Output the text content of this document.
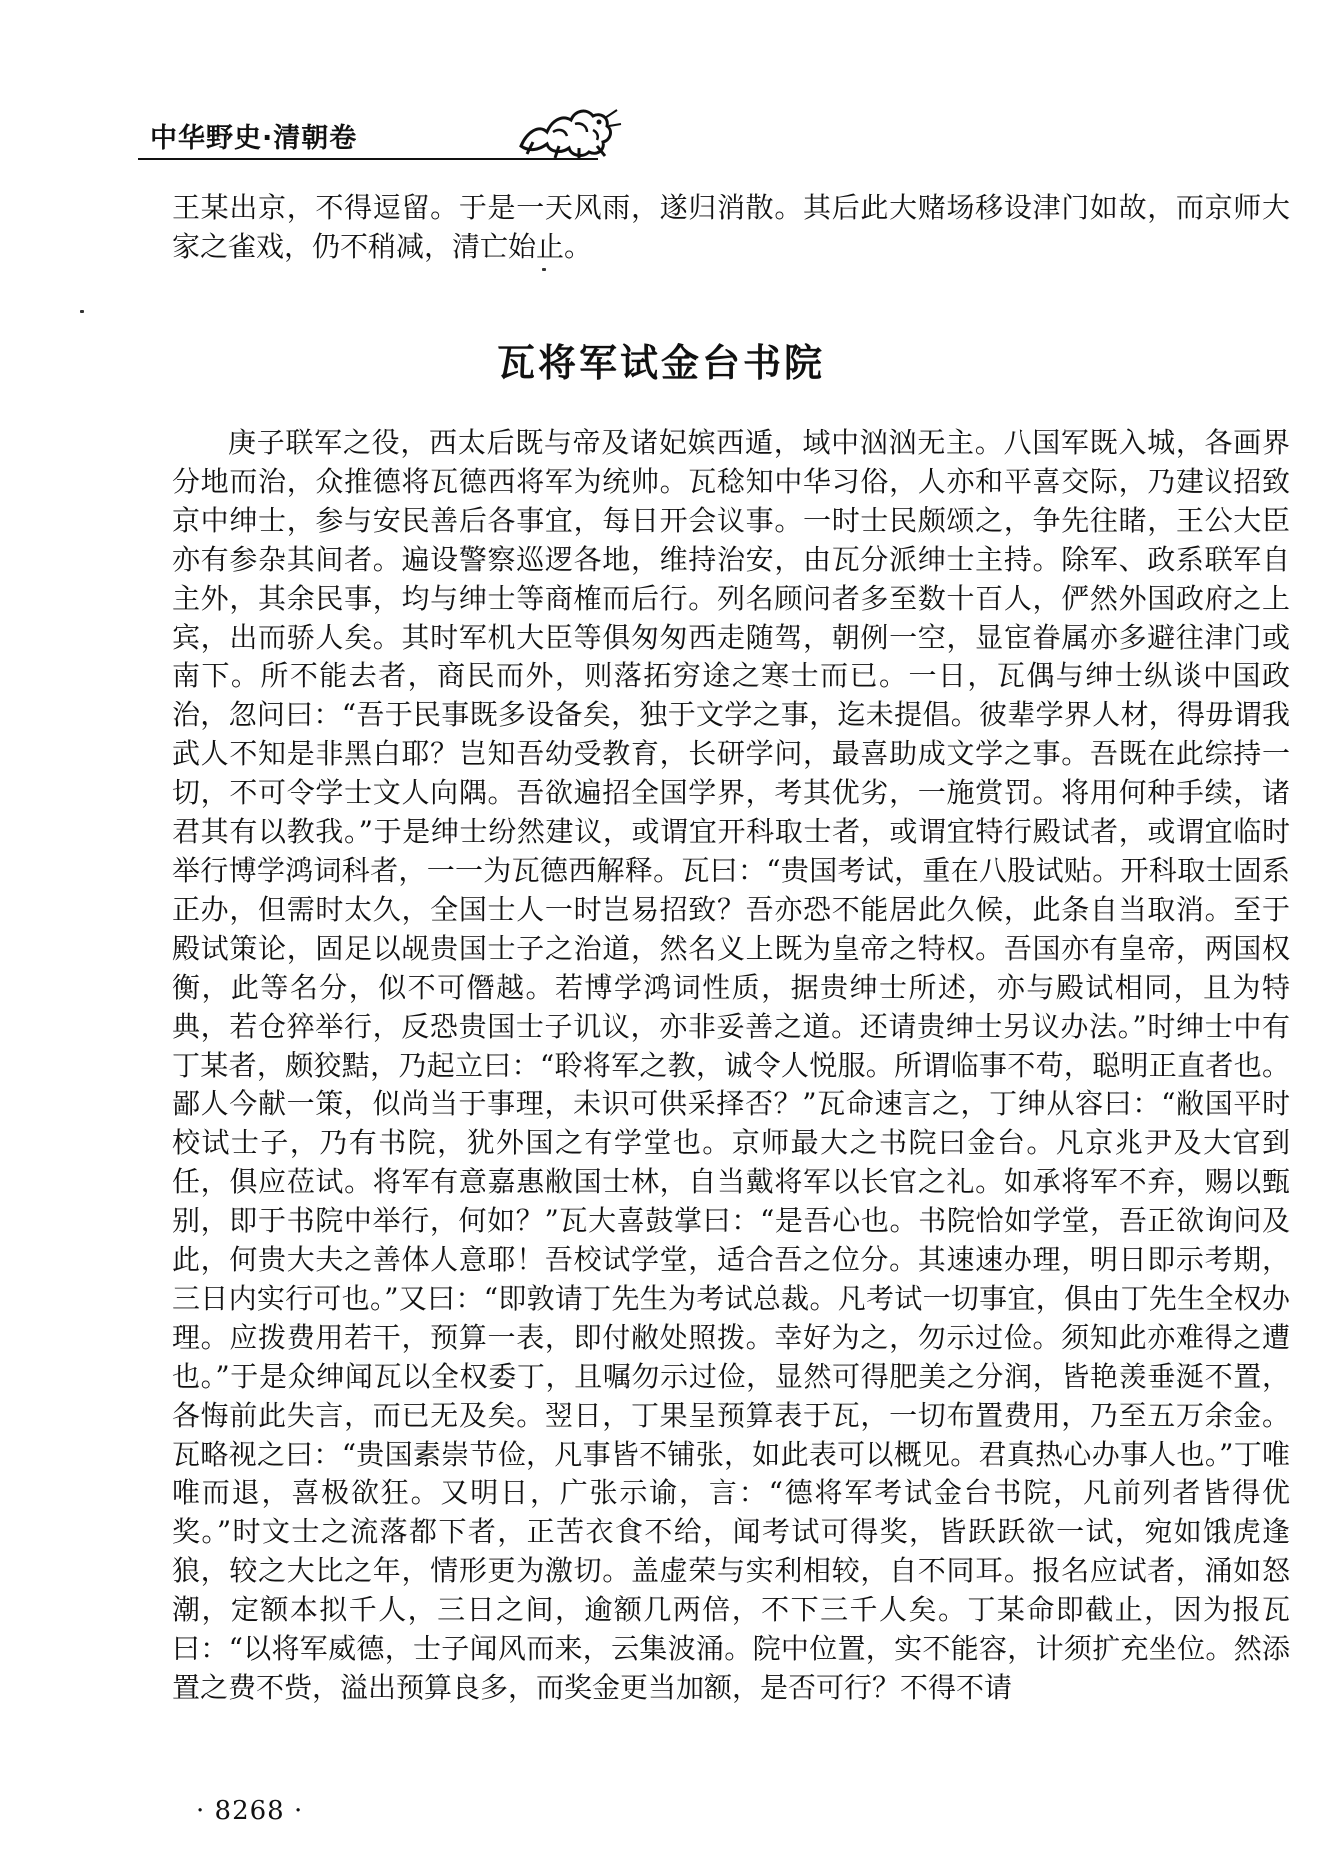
中华野史·清朝卷

王某出京，不得逗留。于是一天风雨，遂归消散。其后此大赌场移设津门如故，而京师大家之雀戏，仍不稍减，清亡始止。

瓦将军试金台书院

庚子联军之役，西太后既与帝及诸妃嫔西遁，域中汹汹无主。八国军既入城，各画界分地而治，众推德将瓦德西将军为统帅。瓦稔知中华习俗，人亦和平喜交际，乃建议招致京中绅士，参与安民善后各事宜，每日开会议事。一时士民颇颂之，争先往睹，王公大臣亦有参杂其间者。遍设警察巡逻各地，维持治安，由瓦分派绅士主持。除军、政系联军自主外，其余民事，均与绅士等商榷而后行。列名顾问者多至数十百人，俨然外国政府之上宾，出而骄人矣。其时军机大臣等俱匆匆西走随驾，朝例一空，显宦眷属亦多避往津门或南下。所不能去者，商民而外，则落拓穷途之寒士而已。一日，瓦偶与绅士纵谈中国政治，忽问曰：“吾于民事既多设备矣，独于文学之事，迄未提倡。彼辈学界人材，得毋谓我武人不知是非黑白耶？岂知吾幼受教育，长研学问，最喜助成文学之事。吾既在此综持一切，不可令学士文人向隅。吾欲遍招全国学界，考其优劣，一施赏罚。将用何种手续，诸君其有以教我。”于是绅士纷然建议，或谓宜开科取士者，或谓宜特行殿试者，或谓宜临时举行博学鸿词科者，一一为瓦德西解释。瓦曰：“贵国考试，重在八股试贴。开科取士固系正办，但需时太久，全国士人一时岂易招致？吾亦恐不能居此久候，此条自当取消。至于殿试策论，固足以觇贵国士子之治道，然名义上既为皇帝之特权。吾国亦有皇帝，两国权衡，此等名分，似不可僭越。若博学鸿词性质，据贵绅士所述，亦与殿试相同，且为特典，若仓猝举行，反恐贵国士子讥议，亦非妥善之道。还请贵绅士另议办法。”时绅士中有丁某者，颇狡黠，乃起立曰：“聆将军之教，诚令人悦服。所谓临事不苟，聪明正直者也。鄙人今献一策，似尚当于事理，未识可供采择否？”瓦命速言之，丁绅从容曰：“敝国平时校试士子，乃有书院，犹外国之有学堂也。京师最大之书院曰金台。凡京兆尹及大官到任，俱应莅试。将军有意嘉惠敝国士林，自当戴将军以长官之礼。如承将军不弃，赐以甄别，即于书院中举行，何如？”瓦大喜鼓掌曰：“是吾心也。书院恰如学堂，吾正欲询问及此，何贵大夫之善体人意耶！吾校试学堂，适合吾之位分。其速速办理，明日即示考期，三日内实行可也。”又曰：“即敦请丁先生为考试总裁。凡考试一切事宜，俱由丁先生全权办理。应拨费用若干，预算一表，即付敝处照拨。幸好为之，勿示过俭。须知此亦难得之遭也。”于是众绅闻瓦以全权委丁，且嘱勿示过俭，显然可得肥美之分润，皆艳羡垂涎不置，各悔前此失言，而已无及矣。翌日，丁果呈预算表于瓦，一切布置费用，乃至五万余金。瓦略视之曰：“贵国素崇节俭，凡事皆不铺张，如此表可以概见。君真热心办事人也。”丁唯唯而退，喜极欲狂。又明日，广张示谕，言：“德将军考试金台书院，凡前列者皆得优奖。”时文士之流落都下者，正苦衣食不给，闻考试可得奖，皆跃跃欲一试，宛如饿虎逢狼，较之大比之年，情形更为激切。盖虚荣与实利相较，自不同耳。报名应试者，涌如怒潮，定额本拟千人，三日之间，逾额几两倍，不下三千人矣。丁某命即截止，因为报瓦曰：“以将军威德，士子闻风而来，云集波涌。院中位置，实不能容，计须扩充坐位。然添置之费不赀，溢出预算良多，而奖金更当加额，是否可行？不得不请

· 8268 ·
